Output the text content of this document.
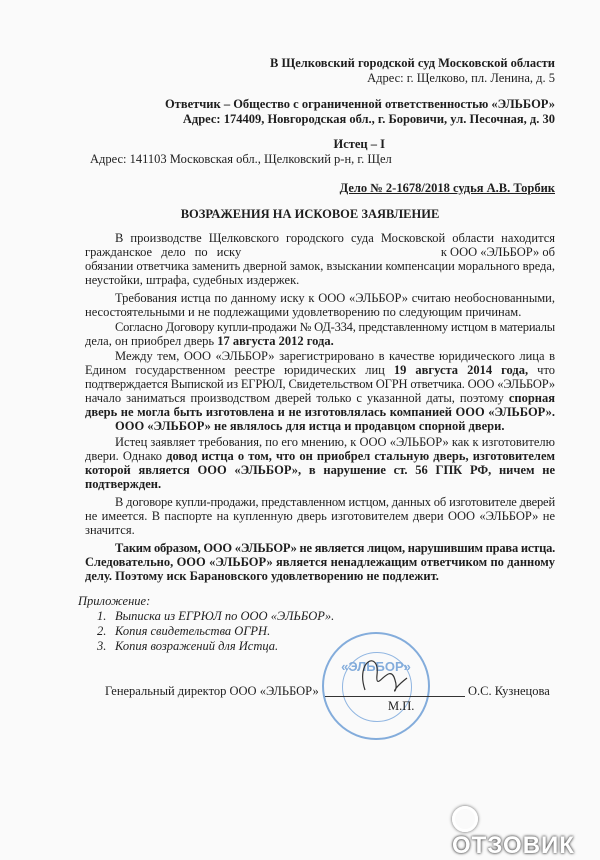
В Щелковский городской суд Московской области
Адрес: г. Щелково, пл. Ленина, д. 5
Ответчик – Общество с ограниченной ответственностью «ЭЛЬБОР»
Адрес: 174409, Новгородская обл., г. Боровичи, ул. Песочная, д. 30
Истец – I
Адрес: 141103 Московская обл., Щелковский р-н, г. Щел
Дело № 2-1678/2018 судья А.В. Торбик
ВОЗРАЖЕНИЯ НА ИСКОВОЕ ЗАЯВЛЕНИЕ
В производстве Щелковского городского суда Московской области находится
гражданское дело по иску	к ООО «ЭЛЬБОР» об
обязании ответчика заменить дверной замок, взыскании компенсации морального вреда,
неустойки, штрафа, судебных издержек.
Требования истца по данному иску к ООО «ЭЛЬБОР» считаю необоснованными,
несостоятельными и не подлежащими удовлетворению по следующим причинам.
Согласно Договору купли-продажи № ОД-334, представленному истцом в материалы
дела, он приобрел дверь 17 августа 2012 года.
Между тем, ООО «ЭЛЬБОР» зарегистрировано в качестве юридического лица в
Едином государственном реестре юридических лиц 19 августа 2014 года, что
подтверждается Выпиской из ЕГРЮЛ, Свидетельством ОГРН ответчика. ООО «ЭЛЬБОР»
начало заниматься производством дверей только с указанной даты, поэтому спорная
дверь не могла быть изготовлена и не изготовлялась компанией ООО «ЭЛЬБОР».
ООО «ЭЛЬБОР» не являлось для истца и продавцом спорной двери.
Истец заявляет требования, по его мнению, к ООО «ЭЛЬБОР» как к изготовителю
двери. Однако довод истца о том, что он приобрел стальную дверь, изготовителем
которой является ООО «ЭЛЬБОР», в нарушение ст. 56 ГПК РФ, ничем не
подтвержден.
В договоре купли-продажи, представленном истцом, данных об изготовителе дверей
не имеется. В паспорте на купленную дверь изготовителем двери ООО «ЭЛЬБОР» не
значится.
Таким образом, ООО «ЭЛЬБОР» не является лицом, нарушившим права истца.
Следовательно, ООО «ЭЛЬБОР» является ненадлежащим ответчиком по данному
делу. Поэтому иск Барановского удовлетворению не подлежит.
Приложение:
1. Выписка из ЕГРЮЛ по ООО «ЭЛЬБОР».
2. Копия свидетельства ОГРН.
3. Копия возражений для Истца.
«ЭЛЬБОР»
Генеральный директор ООО «ЭЛЬБОР»	О.С. Кузнецова
М.П.
ОТЗОВИК
